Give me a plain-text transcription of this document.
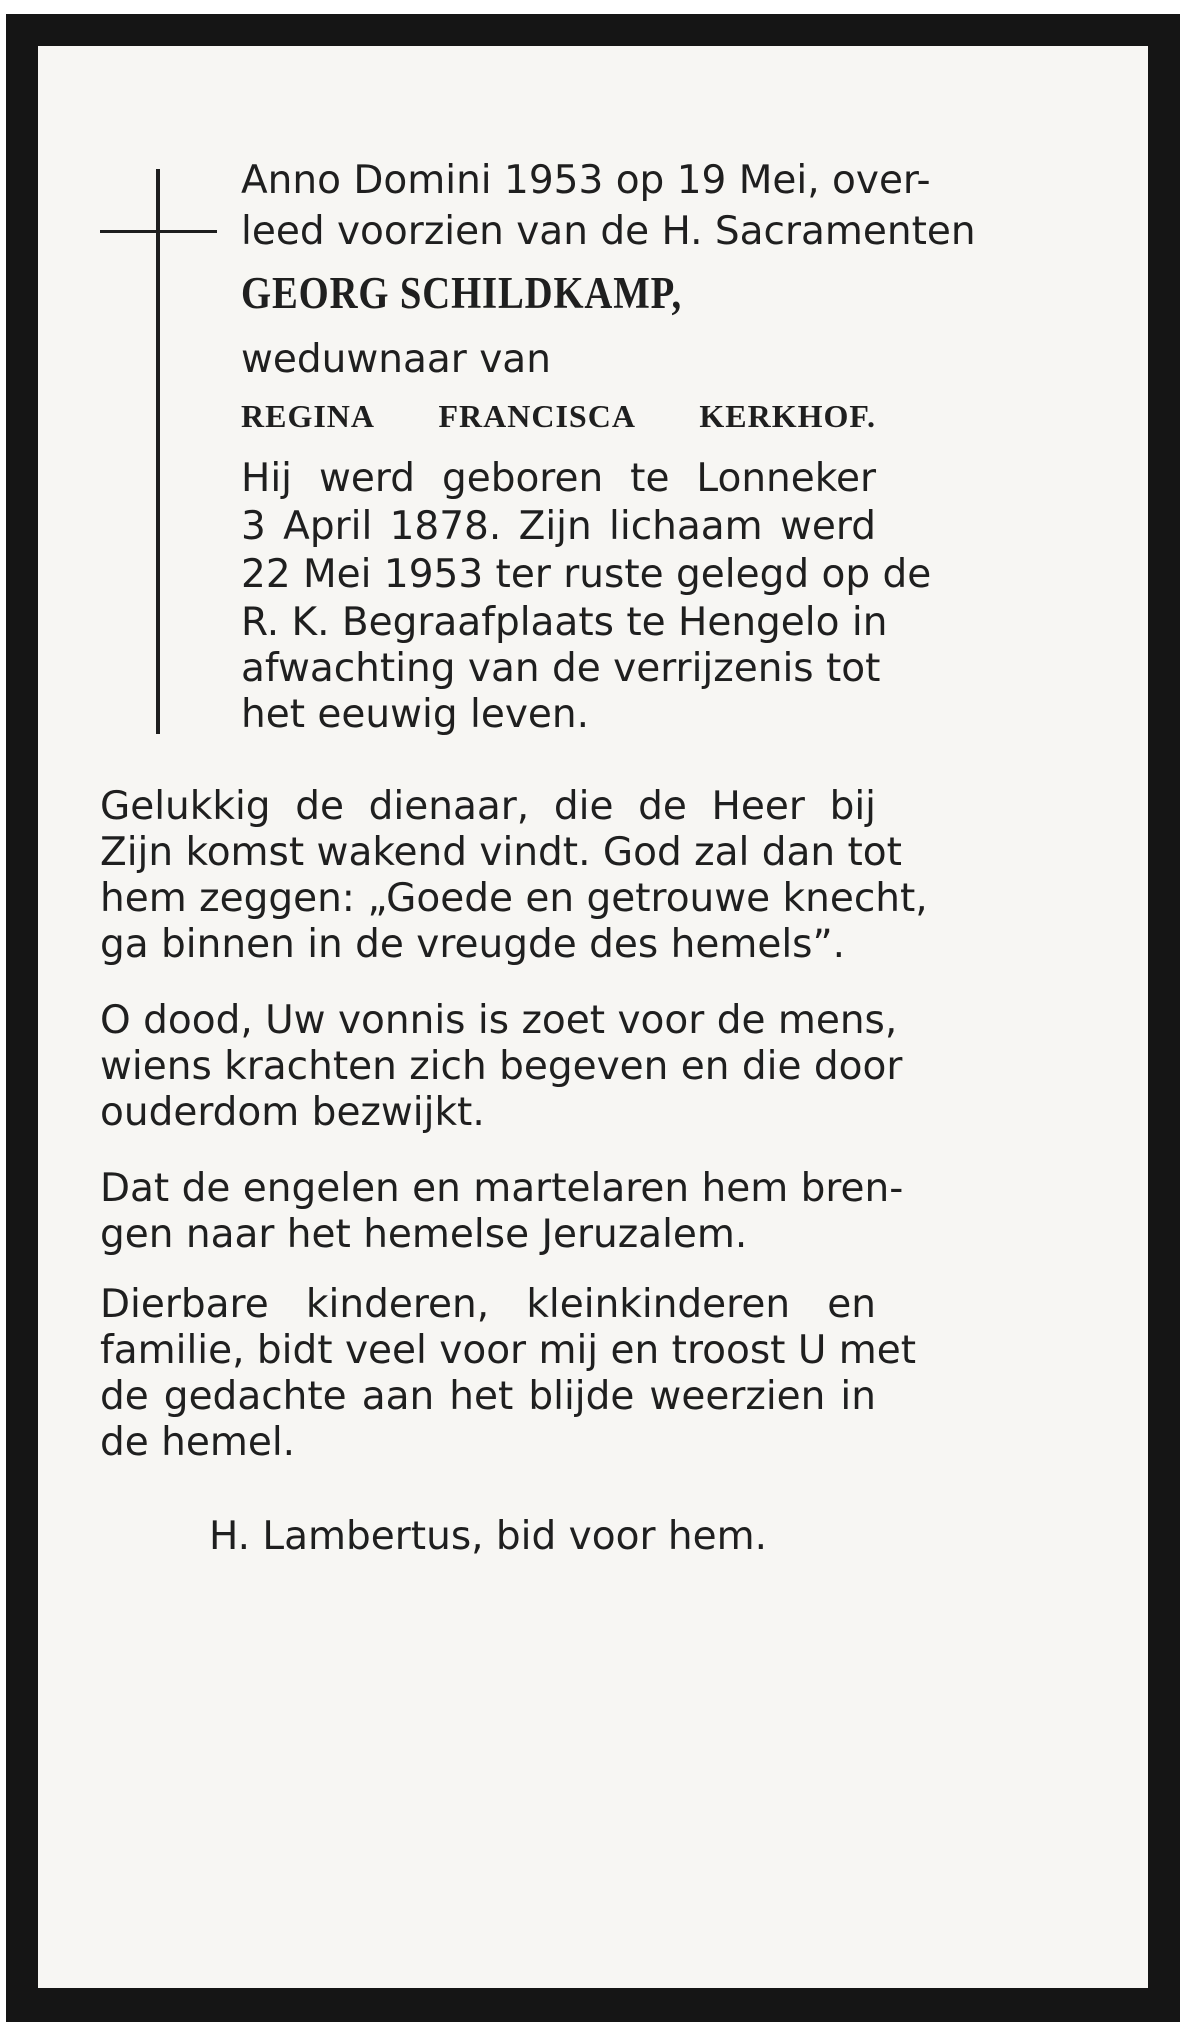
Anno Domini 1953 op 19 Mei, over-

leed voorzien van de H. Sacramenten

GEORG SCHILDKAMP,

weduwnaar van

REGINA FRANCISCA KERKHOF.

Hij werd geboren te Lonneker

3 April 1878. Zijn lichaam werd

22 Mei 1953 ter ruste gelegd op de

R. K. Begraafplaats te Hengelo in

afwachting van de verrijzenis tot

het eeuwig leven.

Gelukkig de dienaar, die de Heer bij

Zijn komst wakend vindt. God zal dan tot

hem zeggen: „Goede en getrouwe knecht,

ga binnen in de vreugde des hemels”.

O dood, Uw vonnis is zoet voor de mens,

wiens krachten zich begeven en die door

ouderdom bezwijkt.

Dat de engelen en martelaren hem bren-

gen naar het hemelse Jeruzalem.

Dierbare kinderen, kleinkinderen en

familie, bidt veel voor mij en troost U met

de gedachte aan het blijde weerzien in

de hemel.

H. Lambertus, bid voor hem.
